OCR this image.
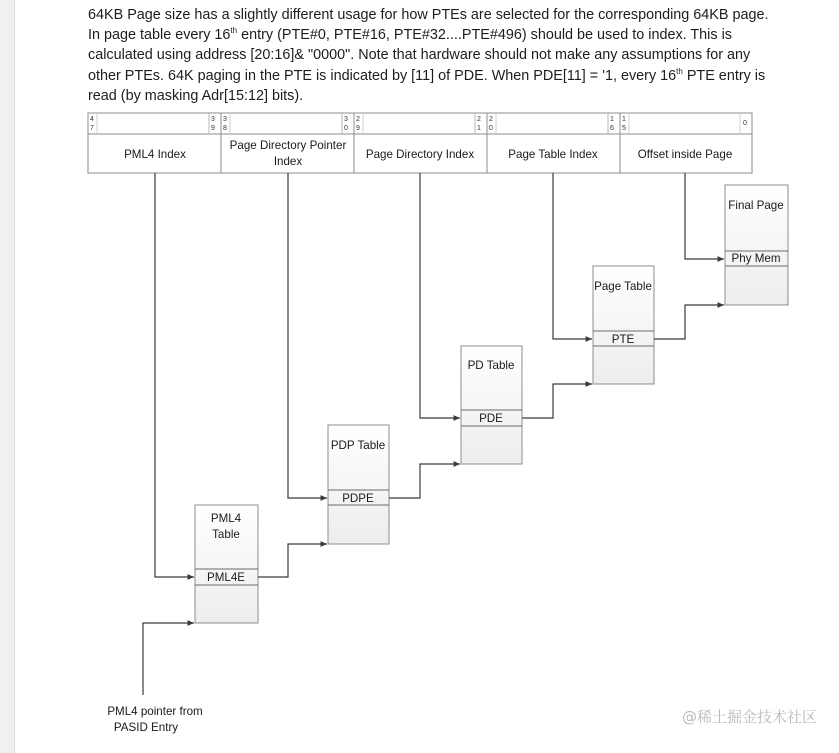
64KB Page size has a slightly different usage for how PTEs are selected for the corresponding 64KB page.
In page table every 16th entry (PTE#0, PTE#16, PTE#32....PTE#496) should be used to index. This is
calculated using address [20:16]& "0000". Note that hardware should not make any assumptions for any
other PTEs. 64K paging in the PTE is indicated by [11] of PDE. When PDE[11] = '1, every 16th PTE entry is
read (by masking Adr[15:12] bits).
4
7
3
9
3
8
3
0
2
9
2
1
2
0
1
6
1
5
0
PML4 Index
Page Directory Pointer
Index
Page Directory Index	Page Table Index	Offset inside Page
PML4
Table
PML4E
PDP Table
PDPE
PD Table
PDE
Page Table
PTE
Final Page
Phy Mem
PML4 pointer from
PASID Entry
@稀土掘金技术社区
